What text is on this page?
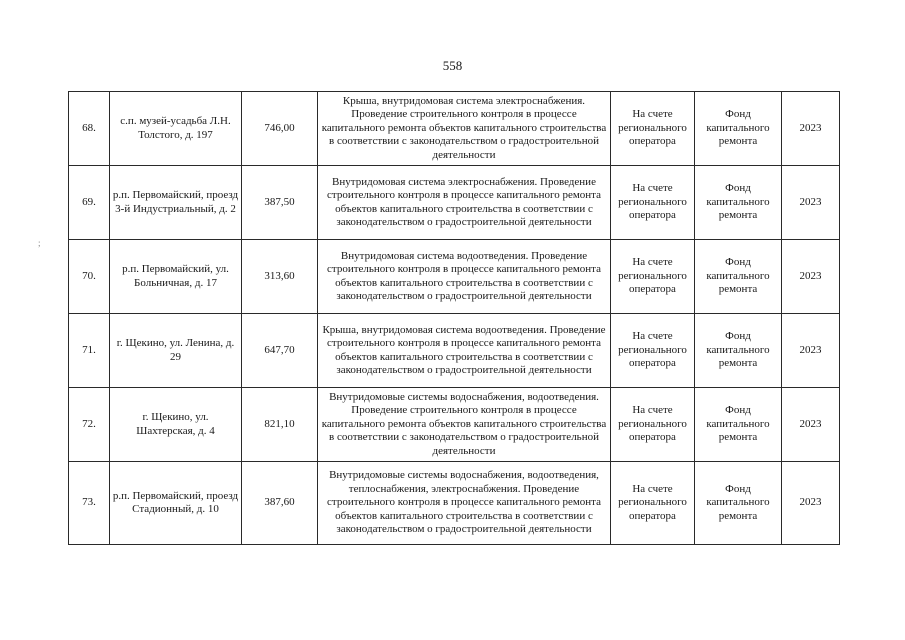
558
;
68.	с.п. музей-усадьба Л.Н. Толстого, д. 197	746,00	Крыша, внутридомовая система электроснабжения. Проведение строительного контроля в процессе капитального ремонта объектов капитального строительства в соответствии с законодательством о градостроительной деятельности	На счете регионального оператора	Фонд капитального ремонта	2023
69.	р.п. Первомайский, проезд 3-й Индустриальный, д. 2	387,50	Внутридомовая система электроснабжения. Проведение строительного контроля в процессе капитального ремонта объектов капитального строительства в соответствии с законодательством о градостроительной деятельности	На счете регионального оператора	Фонд капитального ремонта	2023
70.	р.п. Первомайский, ул. Больничная, д. 17	313,60	Внутридомовая система водоотведения. Проведение строительного контроля в процессе капитального ремонта объектов капитального строительства в соответствии с законодательством о градостроительной деятельности	На счете регионального оператора	Фонд капитального ремонта	2023
71.	г. Щекино, ул. Ленина, д. 29	647,70	Крыша, внутридомовая система водоотведения. Проведение строительного контроля в процессе капитального ремонта объектов капитального строительства в соответствии с законодательством о градостроительной деятельности	На счете регионального оператора	Фонд капитального ремонта	2023
72.	г. Щекино, ул. Шахтерская, д. 4	821,10	Внутридомовые системы водоснабжения, водоотведения. Проведение строительного контроля в процессе капитального ремонта объектов капитального строительства в соответствии с законодательством о градостроительной деятельности	На счете регионального оператора	Фонд капитального ремонта	2023
73.	р.п. Первомайский, проезд Стадионный, д. 10	387,60	Внутридомовые системы водоснабжения, водоотведения, теплоснабжения, электроснабжения. Проведение строительного контроля в процессе капитального ремонта объектов капитального строительства в соответствии с законодательством о градостроительной деятельности	На счете регионального оператора	Фонд капитального ремонта	2023
